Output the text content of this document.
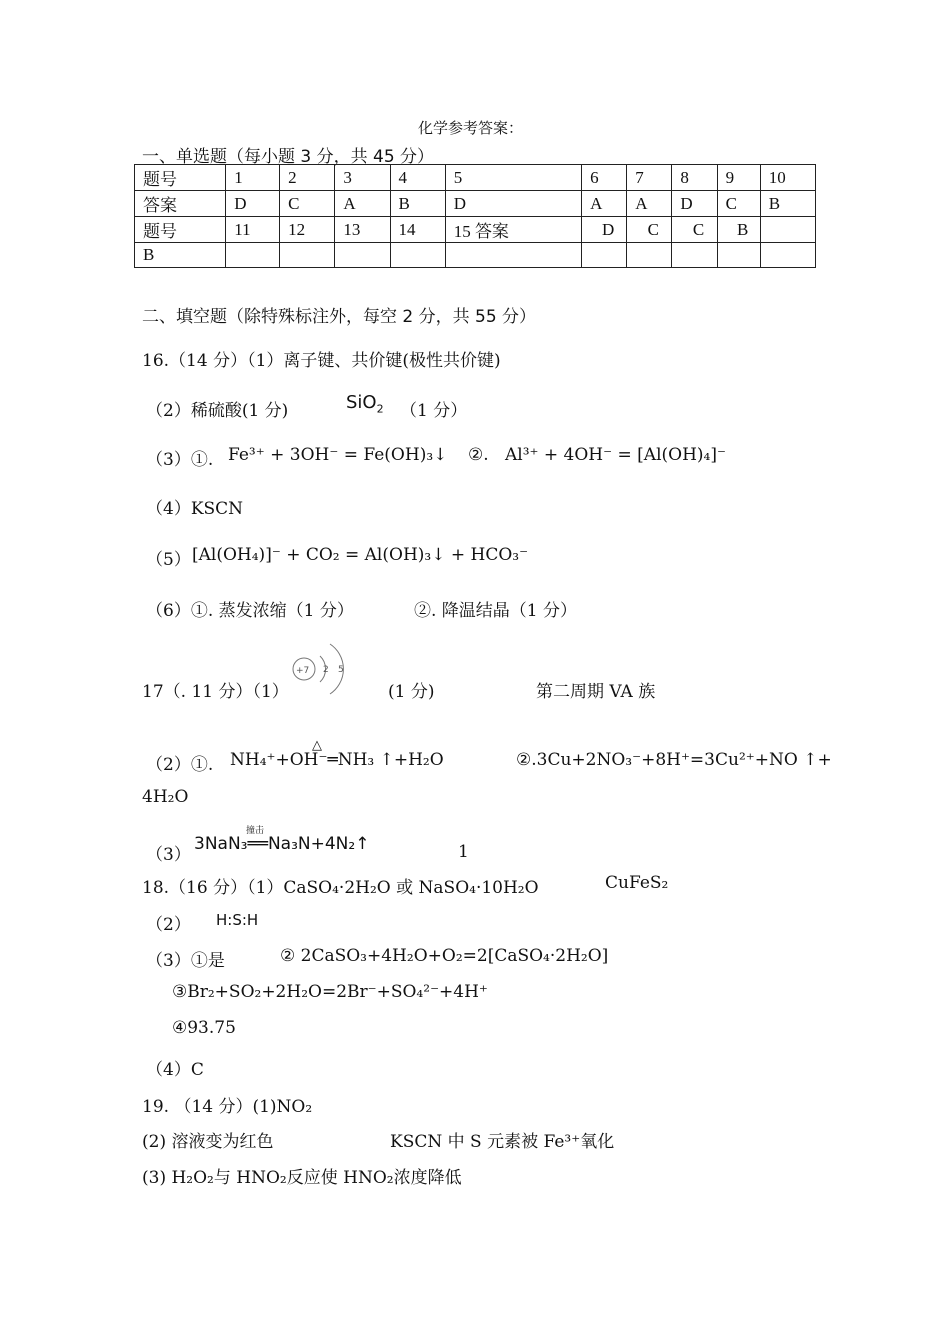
化学参考答案：
一、单选题（每小题 3 分，共 45 分）
题号	1	2	3	4	5	6	7	8	9	10
答案	D	C	A	B	D	A	A	D	C	B
题号	11	12	13	14	15 答案	D	C	C	B	
B										
二、填空题（除特殊标注外，每空 2 分，共 55 分）
16.（14 分）（1）离子键、共价键(极性共价键)
（2）稀硫酸(1 分)	SiO$_2$ （1 分）
（3）①. Fe³⁺ + 3OH⁻ = Fe(OH)₃↓ ②. Al³⁺ + 4OH⁻ = [Al(OH)₄]⁻
（4）KSCN
（5） [Al(OH₄)]⁻ + CO₂ = Al(OH)₃↓ + HCO₃⁻
（6）①. 蒸发浓缩（1 分）	②. 降温结晶（1 分）
17（. 11 分）（1）
+7 2 5
(1 分)	第二周期 VA 族
（2）①. NH₄⁺+OH⁻═NH₃ ↑+H₂O
△
②.3Cu+2NO₃⁻+8H⁺=3Cu²⁺+NO ↑+
4H₂O
（3）
3NaN₃══Na₃N+4N₂↑
撞击
1
18.（16 分）（1）CaSO₄·2H₂O 或 NaSO₄·10H₂O	CuFeS₂
（2） H:S:H
（3）①是	② 2CaSO₃+4H₂O+O₂=2[CaSO₄·2H₂O]
③Br₂+SO₂+2H₂O=2Br⁻+SO₄²⁻+4H⁺
④93.75
（4）C
19. （14 分）(1)NO₂
(2) 溶液变为红色	KSCN 中 S 元素被 Fe³⁺氧化
(3) H₂O₂与 HNO₂反应使 HNO₂浓度降低
